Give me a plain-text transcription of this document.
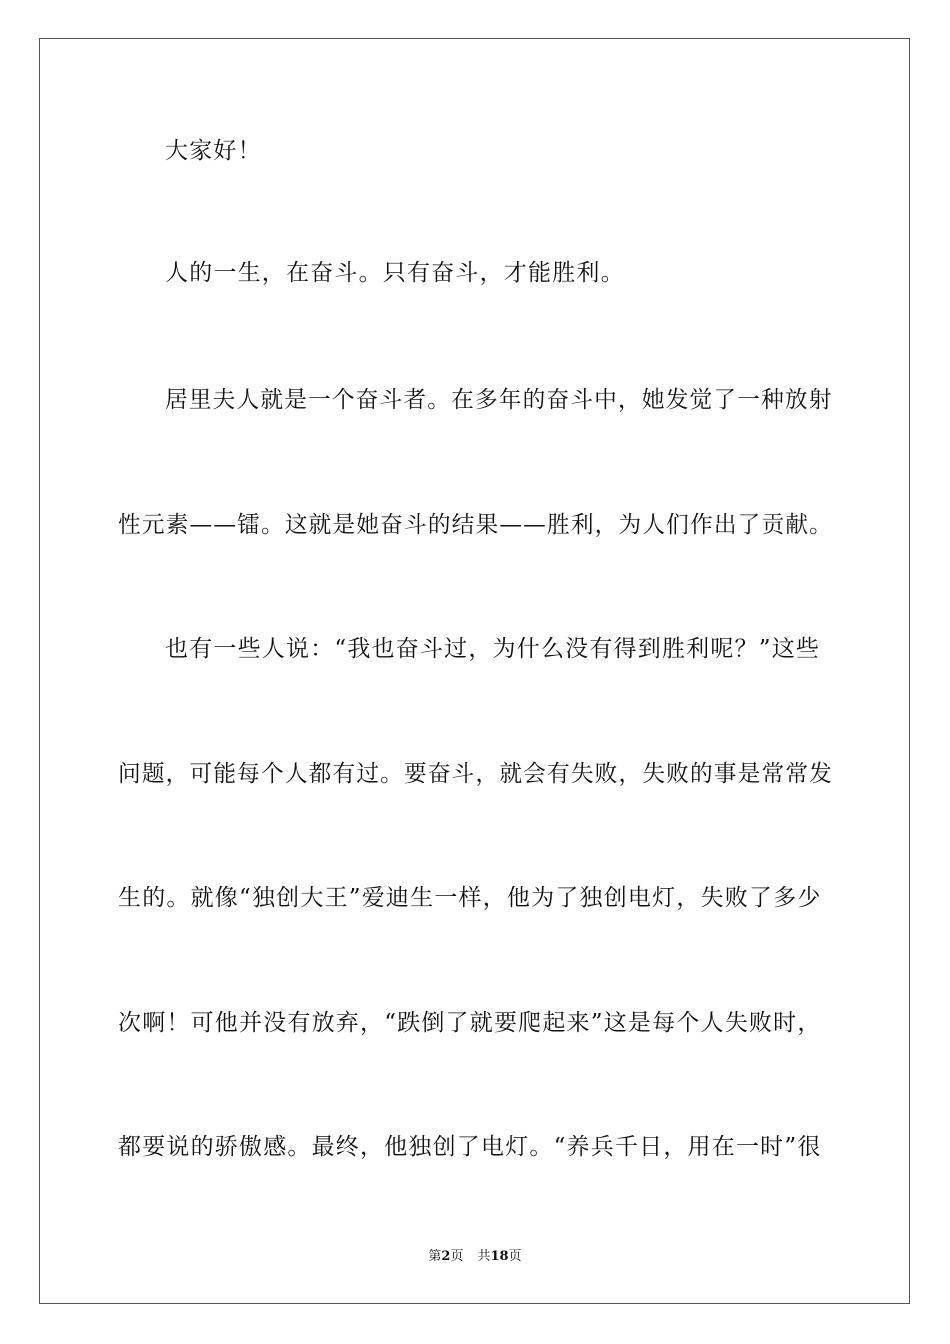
大家好！
人的一生，在奋斗。只有奋斗，才能胜利。
居里夫人就是一个奋斗者。在多年的奋斗中，她发觉了一种放射
性元素——镭。这就是她奋斗的结果——胜利，为人们作出了贡献。
也有一些人说：“我也奋斗过，为什么没有得到胜利呢？”这些
问题，可能每个人都有过。要奋斗，就会有失败，失败的事是常常发
生的。就像“独创大王”爱迪生一样，他为了独创电灯，失败了多少
次啊！可他并没有放弃，“跌倒了就要爬起来”这是每个人失败时，
都要说的骄傲感。最终，他独创了电灯。“养兵千日，用在一时”很
第2页 共18页
